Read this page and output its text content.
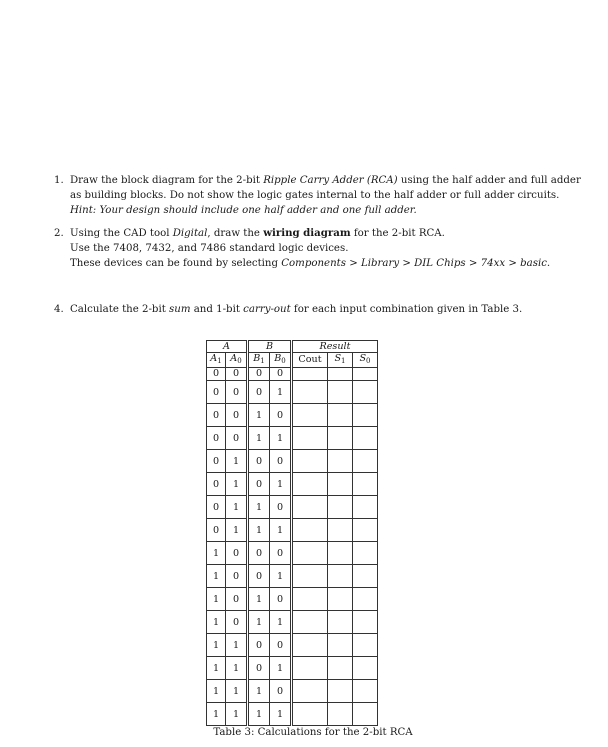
1. Draw the block diagram for the 2-bit Ripple Carry Adder (RCA) using the half adder and full adder
as building blocks. Do not show the logic gates internal to the half adder or full adder circuits.
Hint: Your design should include one half adder and one full adder.
2. Using the CAD tool Digital, draw the wiring diagram for the 2-bit RCA.
Use the 7408, 7432, and 7486 standard logic devices.
These devices can be found by selecting Components > Library > DIL Chips > 74xx > basic.
4. Calculate the 2-bit sum and 1-bit carry-out for each input combination given in Table 3.
A		B		Result		
$A_1$	$A_0$	$B_1$	$B_0$	Cout	$S_1$	$S_0$
0	0	0	0			
0	0	0	1			
0	0	1	0			
0	0	1	1			
0	1	0	0			
0	1	0	1			
0	1	1	0			
0	1	1	1			
1	0	0	0			
1	0	0	1			
1	0	1	0			
1	0	1	1			
1	1	0	0			
1	1	0	1			
1	1	1	0			
1	1	1	1			
Table 3: Calculations for the 2-bit RCA
